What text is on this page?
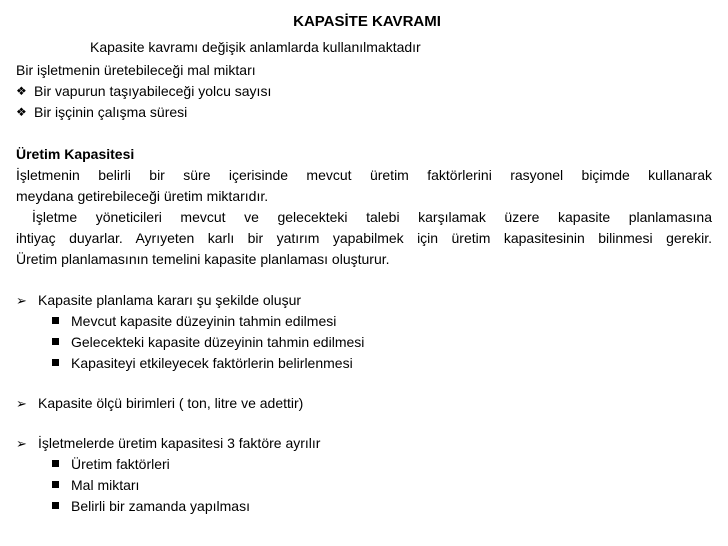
KAPASİTE KAVRAMI
Kapasite kavramı değişik anlamlarda kullanılmaktadır
Bir işletmenin üretebileceği mal miktarı
❖ Bir vapurun taşıyabileceği yolcu sayısı
❖ Bir işçinin çalışma süresi
Üretim Kapasitesi
İşletmenin belirli bir süre içerisinde mevcut üretim faktörlerini rasyonel biçimde kullanarak
meydana getirebileceği üretim miktarıdır.
İşletme yöneticileri mevcut ve gelecekteki talebi karşılamak üzere kapasite planlamasına
ihtiyaç duyarlar. Ayrıyeten karlı bir yatırım yapabilmek için üretim kapasitesinin bilinmesi gerekir.
Üretim planlamasının temelini kapasite planlaması oluşturur.
➢ Kapasite planlama kararı şu şekilde oluşur
Mevcut kapasite düzeyinin tahmin edilmesi
Gelecekteki kapasite düzeyinin tahmin edilmesi
Kapasiteyi etkileyecek faktörlerin belirlenmesi
➢ Kapasite ölçü birimleri ( ton, litre ve adettir)
➢ İşletmelerde üretim kapasitesi 3 faktöre ayrılır
Üretim faktörleri
Mal miktarı
Belirli bir zamanda yapılması
